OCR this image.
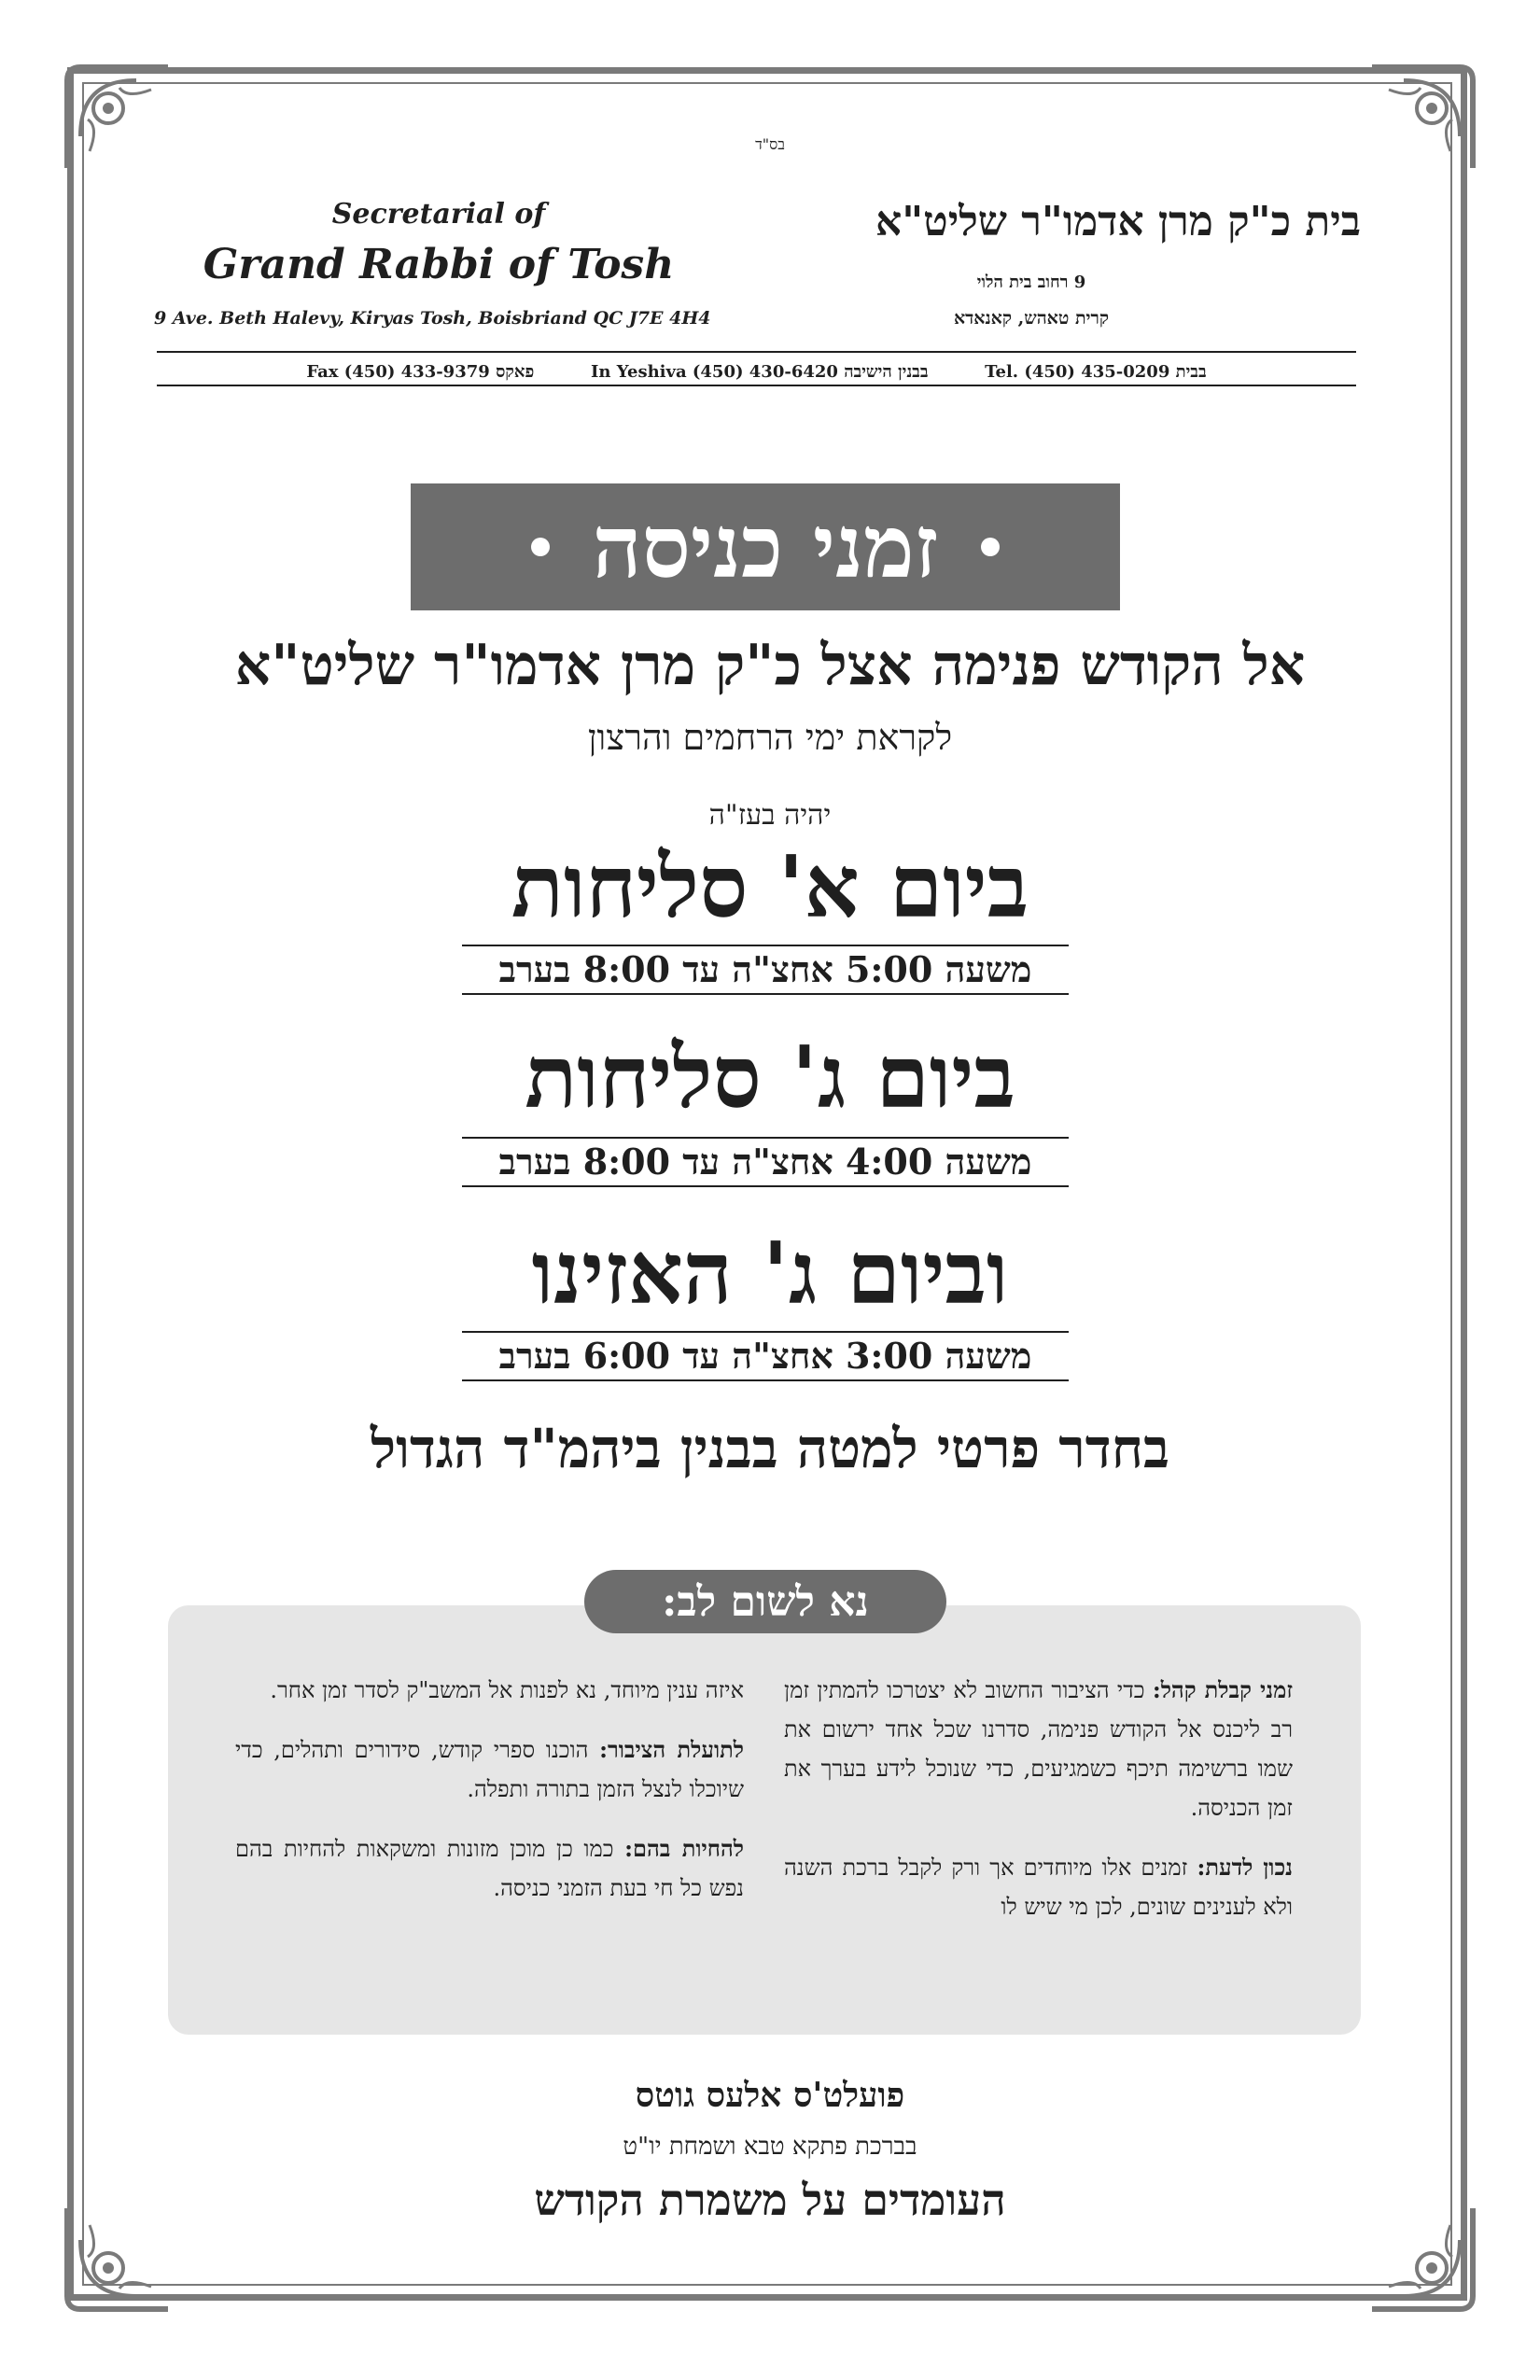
בס"ד
Secretarial of
Grand Rabbi of Tosh
9 Ave. Beth Halevy, Kiryas Tosh, Boisbriand QC J7E 4H4
בית כ"ק מרן אדמו"ר שליט"א
9 רחוב בית הלוי
קרית טאהש, קאנאדא
Fax (450) 433-9379 פאקס	In Yeshiva (450) 430-6420 בבנין הישיבה	Tel. (450) 435-0209 בבית
זמני כניסה
אל הקודש פנימה אצל כ"ק מרן אדמו"ר שליט"א
לקראת ימי הרחמים והרצון
יהיה בעז"ה
ביום א' סליחות
משעה 5:00 אחצ"ה עד 8:00 בערב
ביום ג' סליחות
משעה 4:00 אחצ"ה עד 8:00 בערב
וביום ג' האזינו
משעה 3:00 אחצ"ה עד 6:00 בערב
בחדר פרטי למטה בבנין ביהמ"ד הגדול
נא לשום לב:

זמני קבלת קהל: כדי הציבור החשוב לא יצטרכו להמתין זמן רב ליכנס אל הקודש פנימה, סדרנו שכל אחד ירשום את שמו ברשימה תיכף כשמגיעים, כדי שנוכל לידע בערך את זמן הכניסה.

נכון לדעת: זמנים אלו מיוחדים אך ורק לקבל ברכת השנה ולא לענינים שונים, לכן מי שיש לו

איזה ענין מיוחד, נא לפנות אל המשב"ק לסדר זמן אחר.

לתועלת הציבור: הוכנו ספרי קודש, סידורים ותהלים, כדי שיוכלו לנצל הזמן בתורה ותפלה.

להחיות בהם: כמו כן מוכן מזונות ומשקאות להחיות בהם נפש כל חי בעת הזמני כניסה.

פועלט'ס אלעס גוטס
בברכת פתקא טבא ושמחת יו"ט
העומדים על משמרת הקודש
